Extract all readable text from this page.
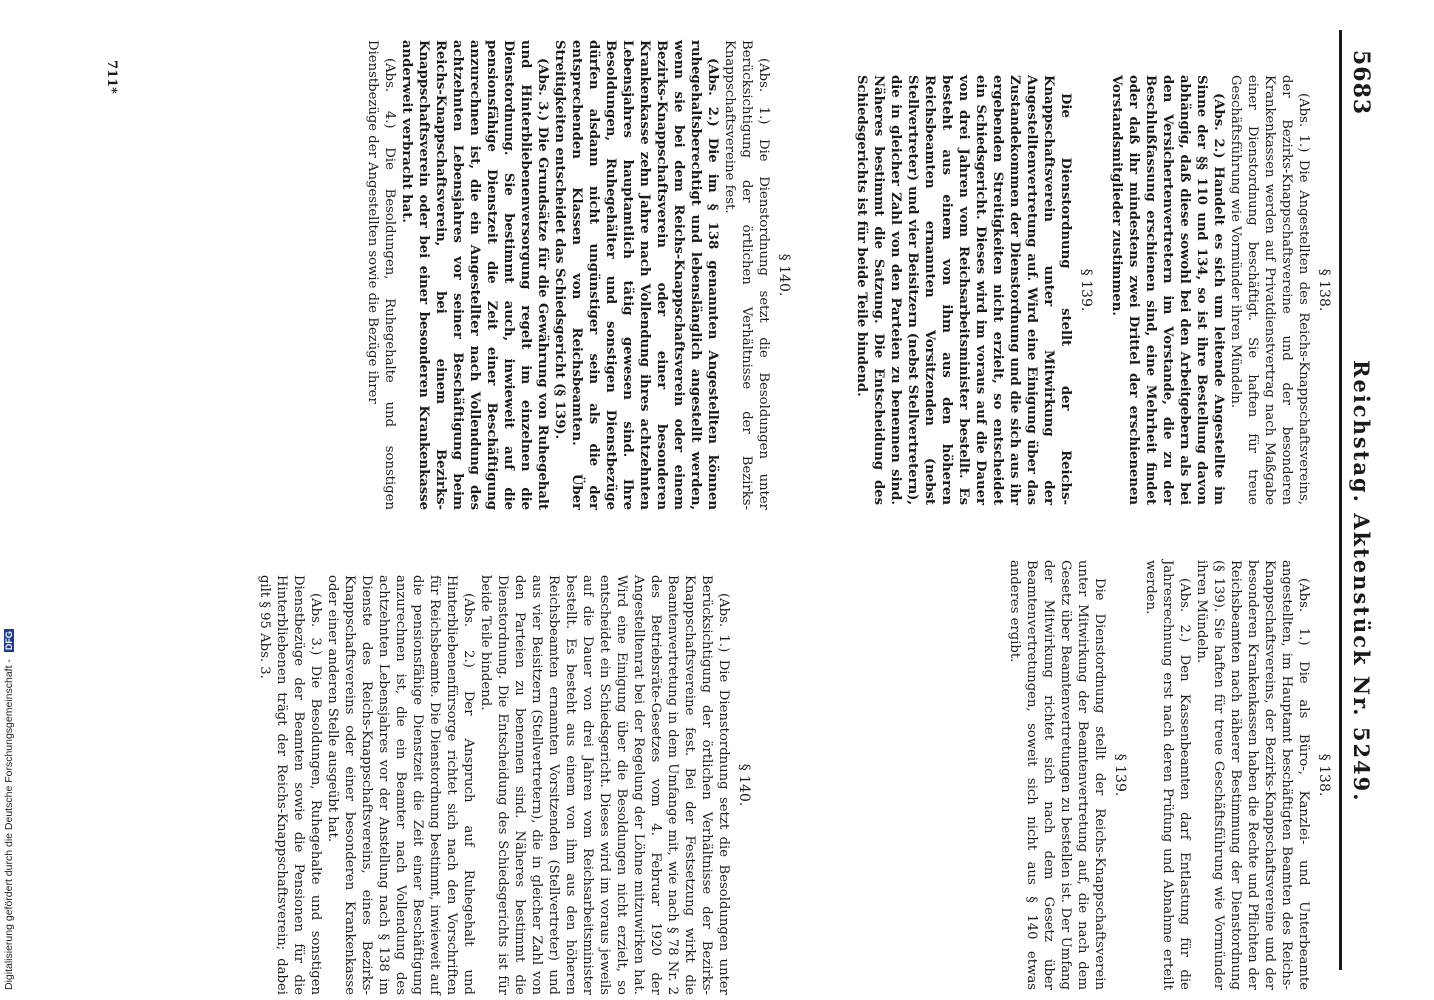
5683
Reichstag. Aktenstück Nr. 5249.
§ 138.

(Abs. 1.) Die Angestellten des Reichs-Knappschaftsvereins, der Bezirks-Knappschaftsvereine und der besonderen Krankenkassen werden auf Privatdienstvertrag nach Maßgabe einer Dienstordnung beschäftigt. Sie haften für treue Geschäftsführung wie Vormünder ihren Mündeln.

(Abs. 2.) Handelt es sich um leitende Angestellte im Sinne der §§ 110 und 134, so ist ihre Bestellung davon abhängig, daß diese sowohl bei den Arbeitgebern als bei den Versichertenvertretern im Vorstande, die zu der Beschlußfassung erschienen sind, eine Mehrheit findet oder daß ihr mindestens zwei Drittel der erschienenen Vorstandsmitglieder zustimmen.

§ 139.

Die Dienstordnung stellt der Reichs-Knappschaftsverein unter Mitwirkung der Angestelltenvertretung auf. Wird eine Einigung über das Zustandekommen der Dienstordnung und die sich aus ihr ergebenden Streitigkeiten nicht erzielt, so entscheidet ein Schiedsgericht. Dieses wird im voraus auf die Dauer von drei Jahren vom Reichsarbeitsminister bestellt. Es besteht aus einem von ihm aus den höheren Reichsbeamten ernannten Vorsitzenden (nebst Stellvertreter) und vier Beisitzern (nebst Stellvertretern), die in gleicher Zahl von den Parteien zu benennen sind. Näheres bestimmt die Satzung. Die Entscheidung des Schiedsgerichts ist für beide Teile bindend.

§ 138.

(Abs. 1.) Die als Büro-, Kanzlei- und Unterbeamte angestellten, im Hauptamt beschäftigten Beamten des Reichs-Knappschaftsvereins, der Bezirks-Knappschaftsvereine und der besonderen Krankenkassen haben die Rechte und Pflichten der Reichsbeamten nach näherer Bestimmung der Dienstordnung (§ 139). Sie haften für treue Geschäftsführung wie Vormünder ihren Mündeln.

(Abs. 2.) Den Kassenbeamten darf Entlastung für die Jahresrechnung erst nach deren Prüfung und Abnahme erteilt werden.

§ 139.

Die Dienstordnung stellt der Reichs-Knappschaftsverein unter Mitwirkung der Beamtenvertretung auf, die nach dem Gesetz über Beamtenvertretungen zu bestellen ist. Der Umfang der Mitwirkung richtet sich nach dem Gesetz über Beamtenvertretungen, soweit sich nicht aus § 140 etwas anderes ergibt.

§ 140.

(Abs. 1.) Die Dienstordnung setzt die Besoldungen unter Berücksichtigung der örtlichen Verhältnisse der Bezirks-Knappschaftsvereine fest.

(Abs. 2.) Die im § 138 genannten Angestellten können ruhegehaltsberechtigt und lebenslänglich angestellt werden, wenn sie bei dem Reichs-Knappschaftsverein oder einem Bezirks-Knappschaftsverein oder einer besonderen Krankenkasse zehn Jahre nach Vollendung ihres achtzehnten Lebensjahres hauptamtlich tätig gewesen sind. Ihre Besoldungen, Ruhegehälter und sonstigen Dienstbezüge dürfen alsdann nicht ungünstiger sein als die der entsprechenden Klassen von Reichsbeamten. Über Streitigkeiten entscheidet das Schiedsgericht (§ 139).

(Abs. 3.) Die Grundsätze für die Gewährung von Ruhegehalt und Hinterbliebenenversorgung regelt im einzelnen die Dienstordnung. Sie bestimmt auch, inwieweit auf die pensionsfähige Dienstzeit die Zeit einer Beschäftigung anzurechnen ist, die ein Angestellter nach Vollendung des achtzehnten Lebensjahres vor seiner Beschäftigung beim Reichs-Knappschaftsverein, bei einem Bezirks-Knappschaftsverein oder bei einer besonderen Krankenkasse anderweit verbracht hat.

(Abs. 4.) Die Besoldungen, Ruhegehalte und sonstigen Dienstbezüge der Angestellten sowie die Bezüge ihrer

§ 140.

(Abs. 1.) Die Dienstordnung setzt die Besoldungen unter Berücksichtigung der örtlichen Verhältnisse der Bezirks-Knappschaftsvereine fest. Bei der Festsetzung wirkt die Beamtenvertretung in dem Umfange mit, wie nach § 78 Nr. 2 des Betriebsräte-Gesetzes vom 4. Februar 1920 der Angestelltenrat bei der Regelung der Löhne mitzuwirken hat. Wird eine Einigung über die Besoldungen nicht erzielt, so entscheidet ein Schiedsgericht. Dieses wird im voraus jeweils auf die Dauer von drei Jahren vom Reichsarbeitsminister bestellt. Es besteht aus einem von ihm aus den höheren Reichsbeamten ernannten Vorsitzenden (Stellvertreter) und aus vier Beisitzern (Stellvertretern), die in gleicher Zahl von den Parteien zu benennen sind. Näheres bestimmt die Dienstordnung. Die Entscheidung des Schiedsgerichts ist für beide Teile bindend.

(Abs. 2.) Der Anspruch auf Ruhegehalt und Hinterbliebenenfürsorge richtet sich nach den Vorschriften für Reichsbeamte. Die Dienstordnung bestimmt, inwieweit auf die pensionsfähige Dienstzeit die Zeit einer Beschäftigung anzurechnen ist, die ein Beamter nach Vollendung des achtzehnten Lebensjahres vor der Anstellung nach § 138 im Dienste des Reichs-Knappschaftsvereins, eines Bezirks-Knappschaftsvereins oder einer besonderen Krankenkasse oder einer anderen Stelle ausgeübt hat.

(Abs. 3.) Die Besoldungen, Ruhegehalte und sonstigen Dienstbezüge der Beamten sowie die Pensionen für die Hinterbliebenen trägt der Reichs-Knappschaftsverein; dabei gilt § 95 Abs. 3.

711*
Digitalisierung gefördert durch die Deutsche Forschungsgemeinschaft - DFG
